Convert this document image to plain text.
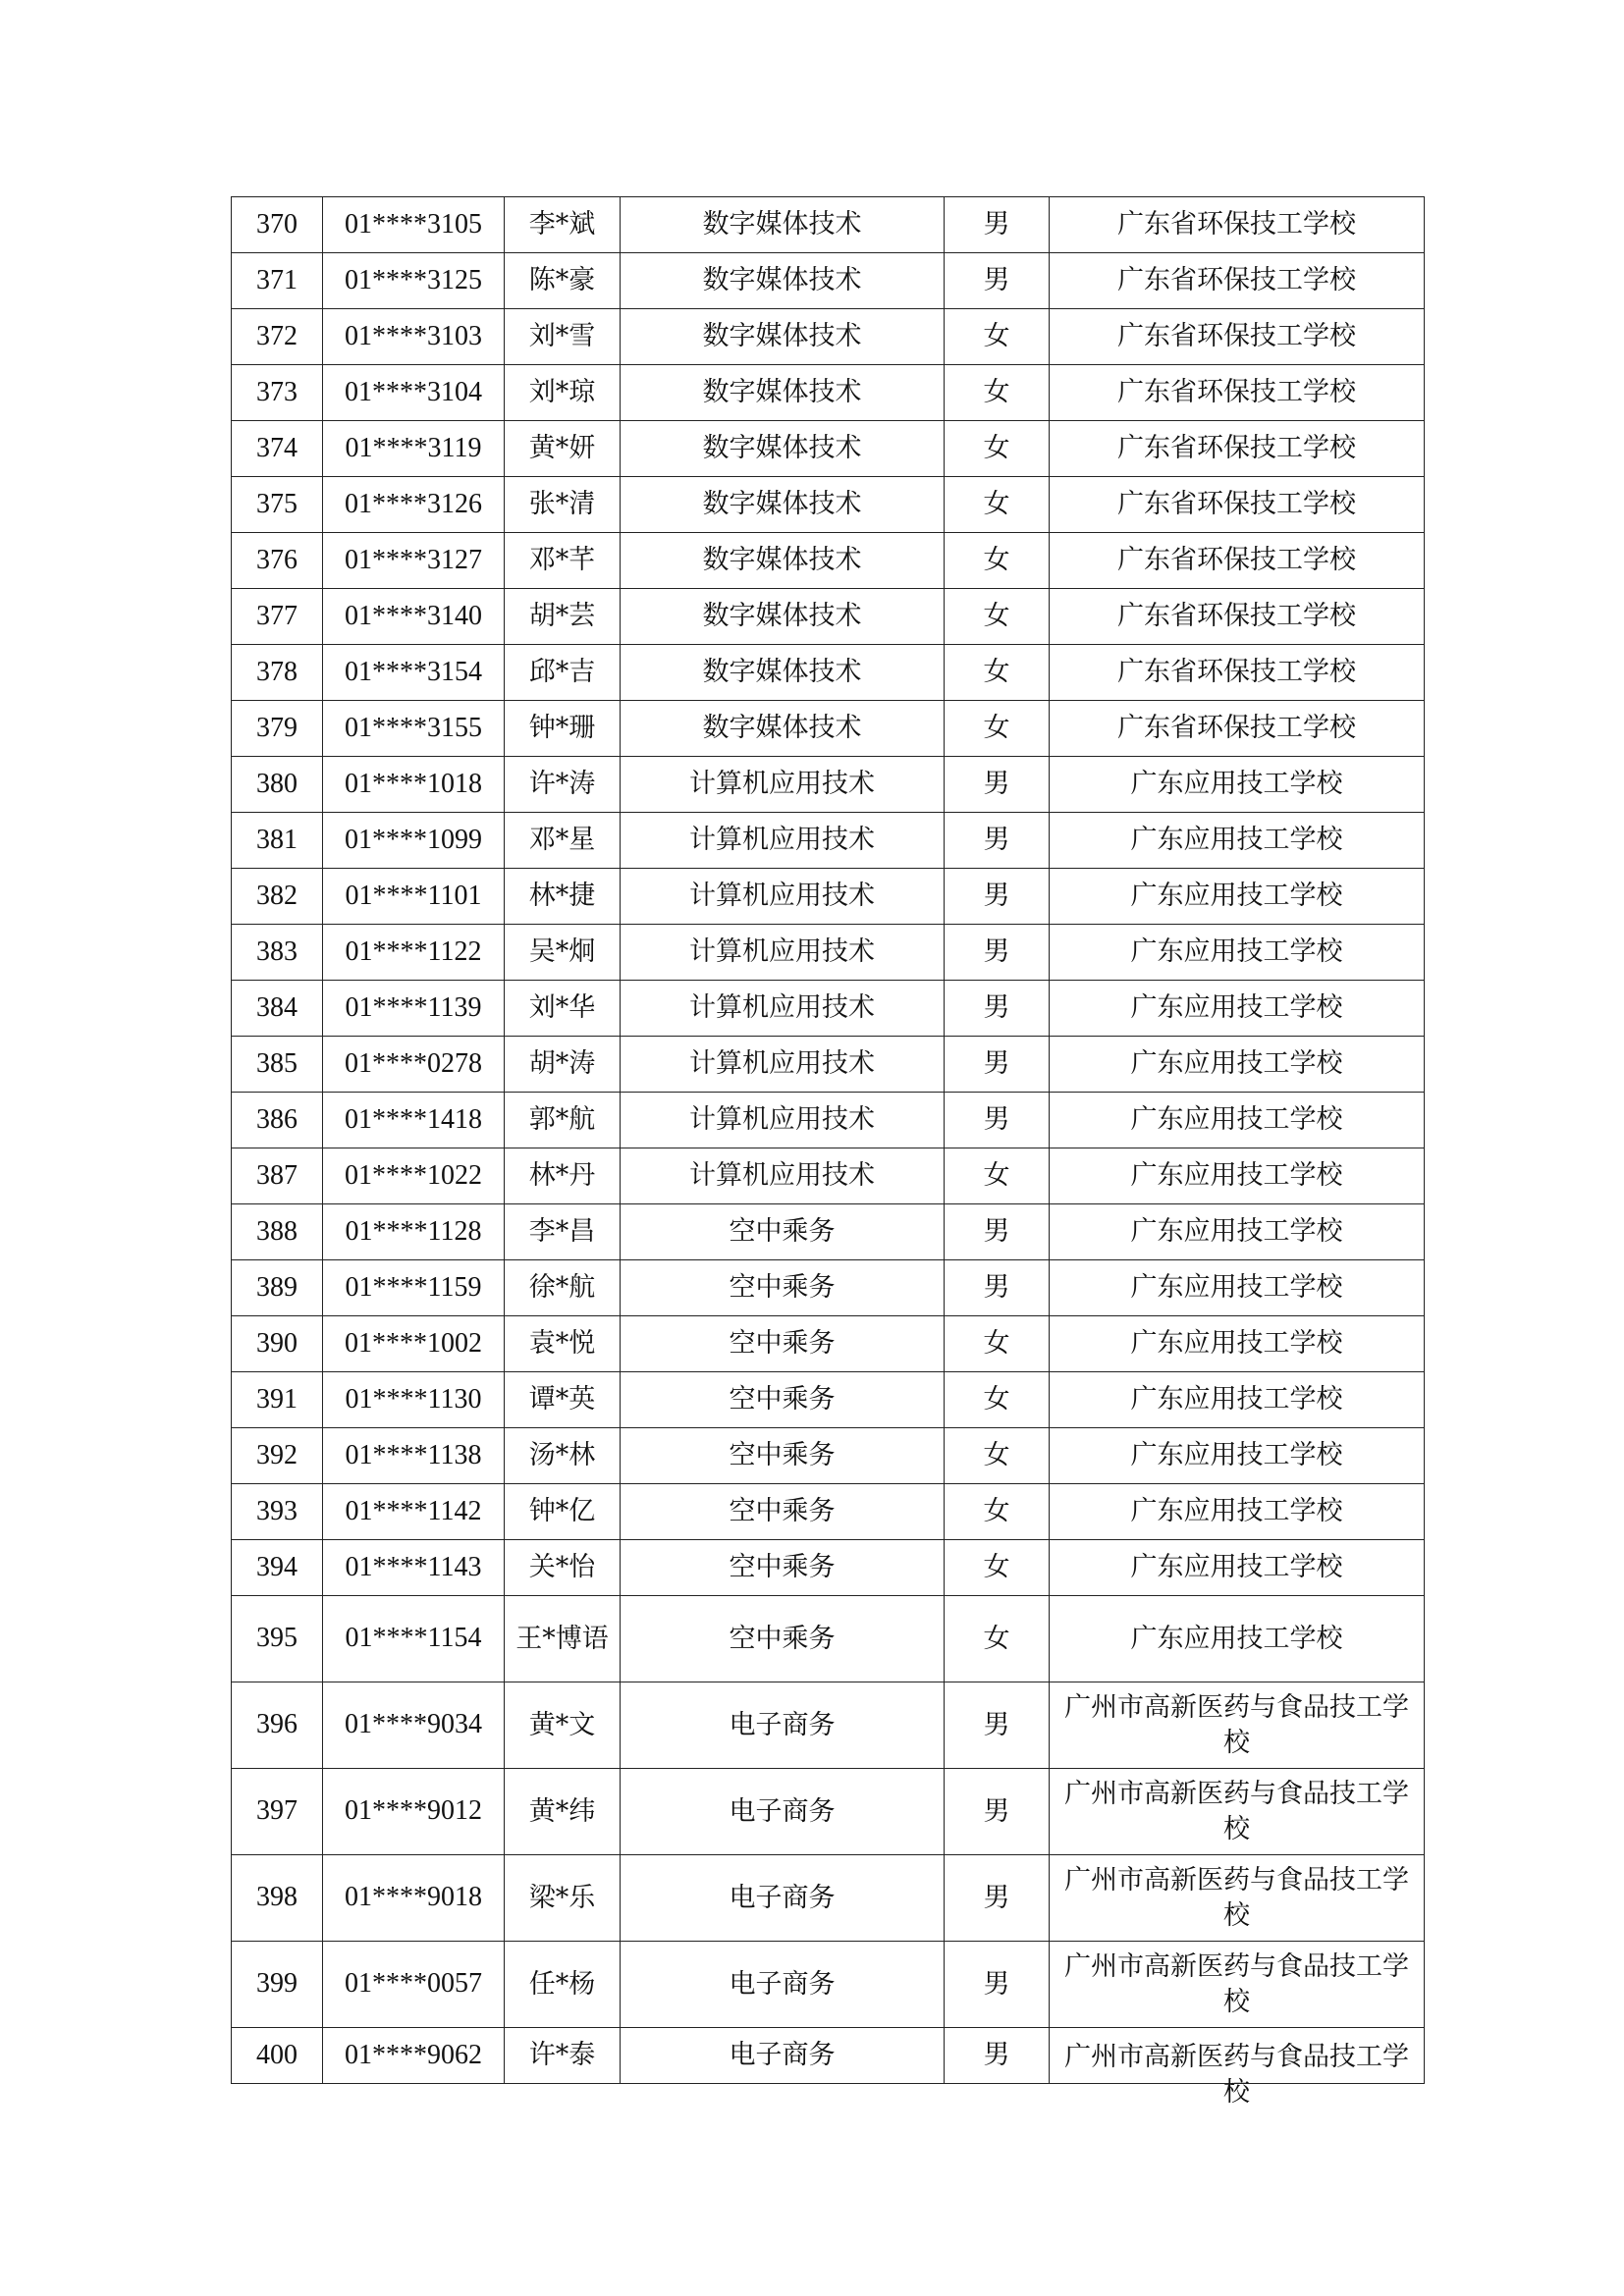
370	01****3105	李*斌	数字媒体技术	男	广东省环保技工学校
371	01****3125	陈*豪	数字媒体技术	男	广东省环保技工学校
372	01****3103	刘*雪	数字媒体技术	女	广东省环保技工学校
373	01****3104	刘*琼	数字媒体技术	女	广东省环保技工学校
374	01****3119	黄*妍	数字媒体技术	女	广东省环保技工学校
375	01****3126	张*清	数字媒体技术	女	广东省环保技工学校
376	01****3127	邓*芊	数字媒体技术	女	广东省环保技工学校
377	01****3140	胡*芸	数字媒体技术	女	广东省环保技工学校
378	01****3154	邱*吉	数字媒体技术	女	广东省环保技工学校
379	01****3155	钟*珊	数字媒体技术	女	广东省环保技工学校
380	01****1018	许*涛	计算机应用技术	男	广东应用技工学校
381	01****1099	邓*星	计算机应用技术	男	广东应用技工学校
382	01****1101	林*捷	计算机应用技术	男	广东应用技工学校
383	01****1122	吴*炯	计算机应用技术	男	广东应用技工学校
384	01****1139	刘*华	计算机应用技术	男	广东应用技工学校
385	01****0278	胡*涛	计算机应用技术	男	广东应用技工学校
386	01****1418	郭*航	计算机应用技术	男	广东应用技工学校
387	01****1022	林*丹	计算机应用技术	女	广东应用技工学校
388	01****1128	李*昌	空中乘务	男	广东应用技工学校
389	01****1159	徐*航	空中乘务	男	广东应用技工学校
390	01****1002	袁*悦	空中乘务	女	广东应用技工学校
391	01****1130	谭*英	空中乘务	女	广东应用技工学校
392	01****1138	汤*林	空中乘务	女	广东应用技工学校
393	01****1142	钟*亿	空中乘务	女	广东应用技工学校
394	01****1143	关*怡	空中乘务	女	广东应用技工学校
395	01****1154	王*博语	空中乘务	女	广东应用技工学校
396	01****9034	黄*文	电子商务	男	广州市高新医药与食品技工学校
397	01****9012	黄*纬	电子商务	男	广州市高新医药与食品技工学校
398	01****9018	梁*乐	电子商务	男	广州市高新医药与食品技工学校
399	01****0057	任*杨	电子商务	男	广州市高新医药与食品技工学校
400	01****9062	许*泰	电子商务	男	广州市高新医药与食品技工学校
